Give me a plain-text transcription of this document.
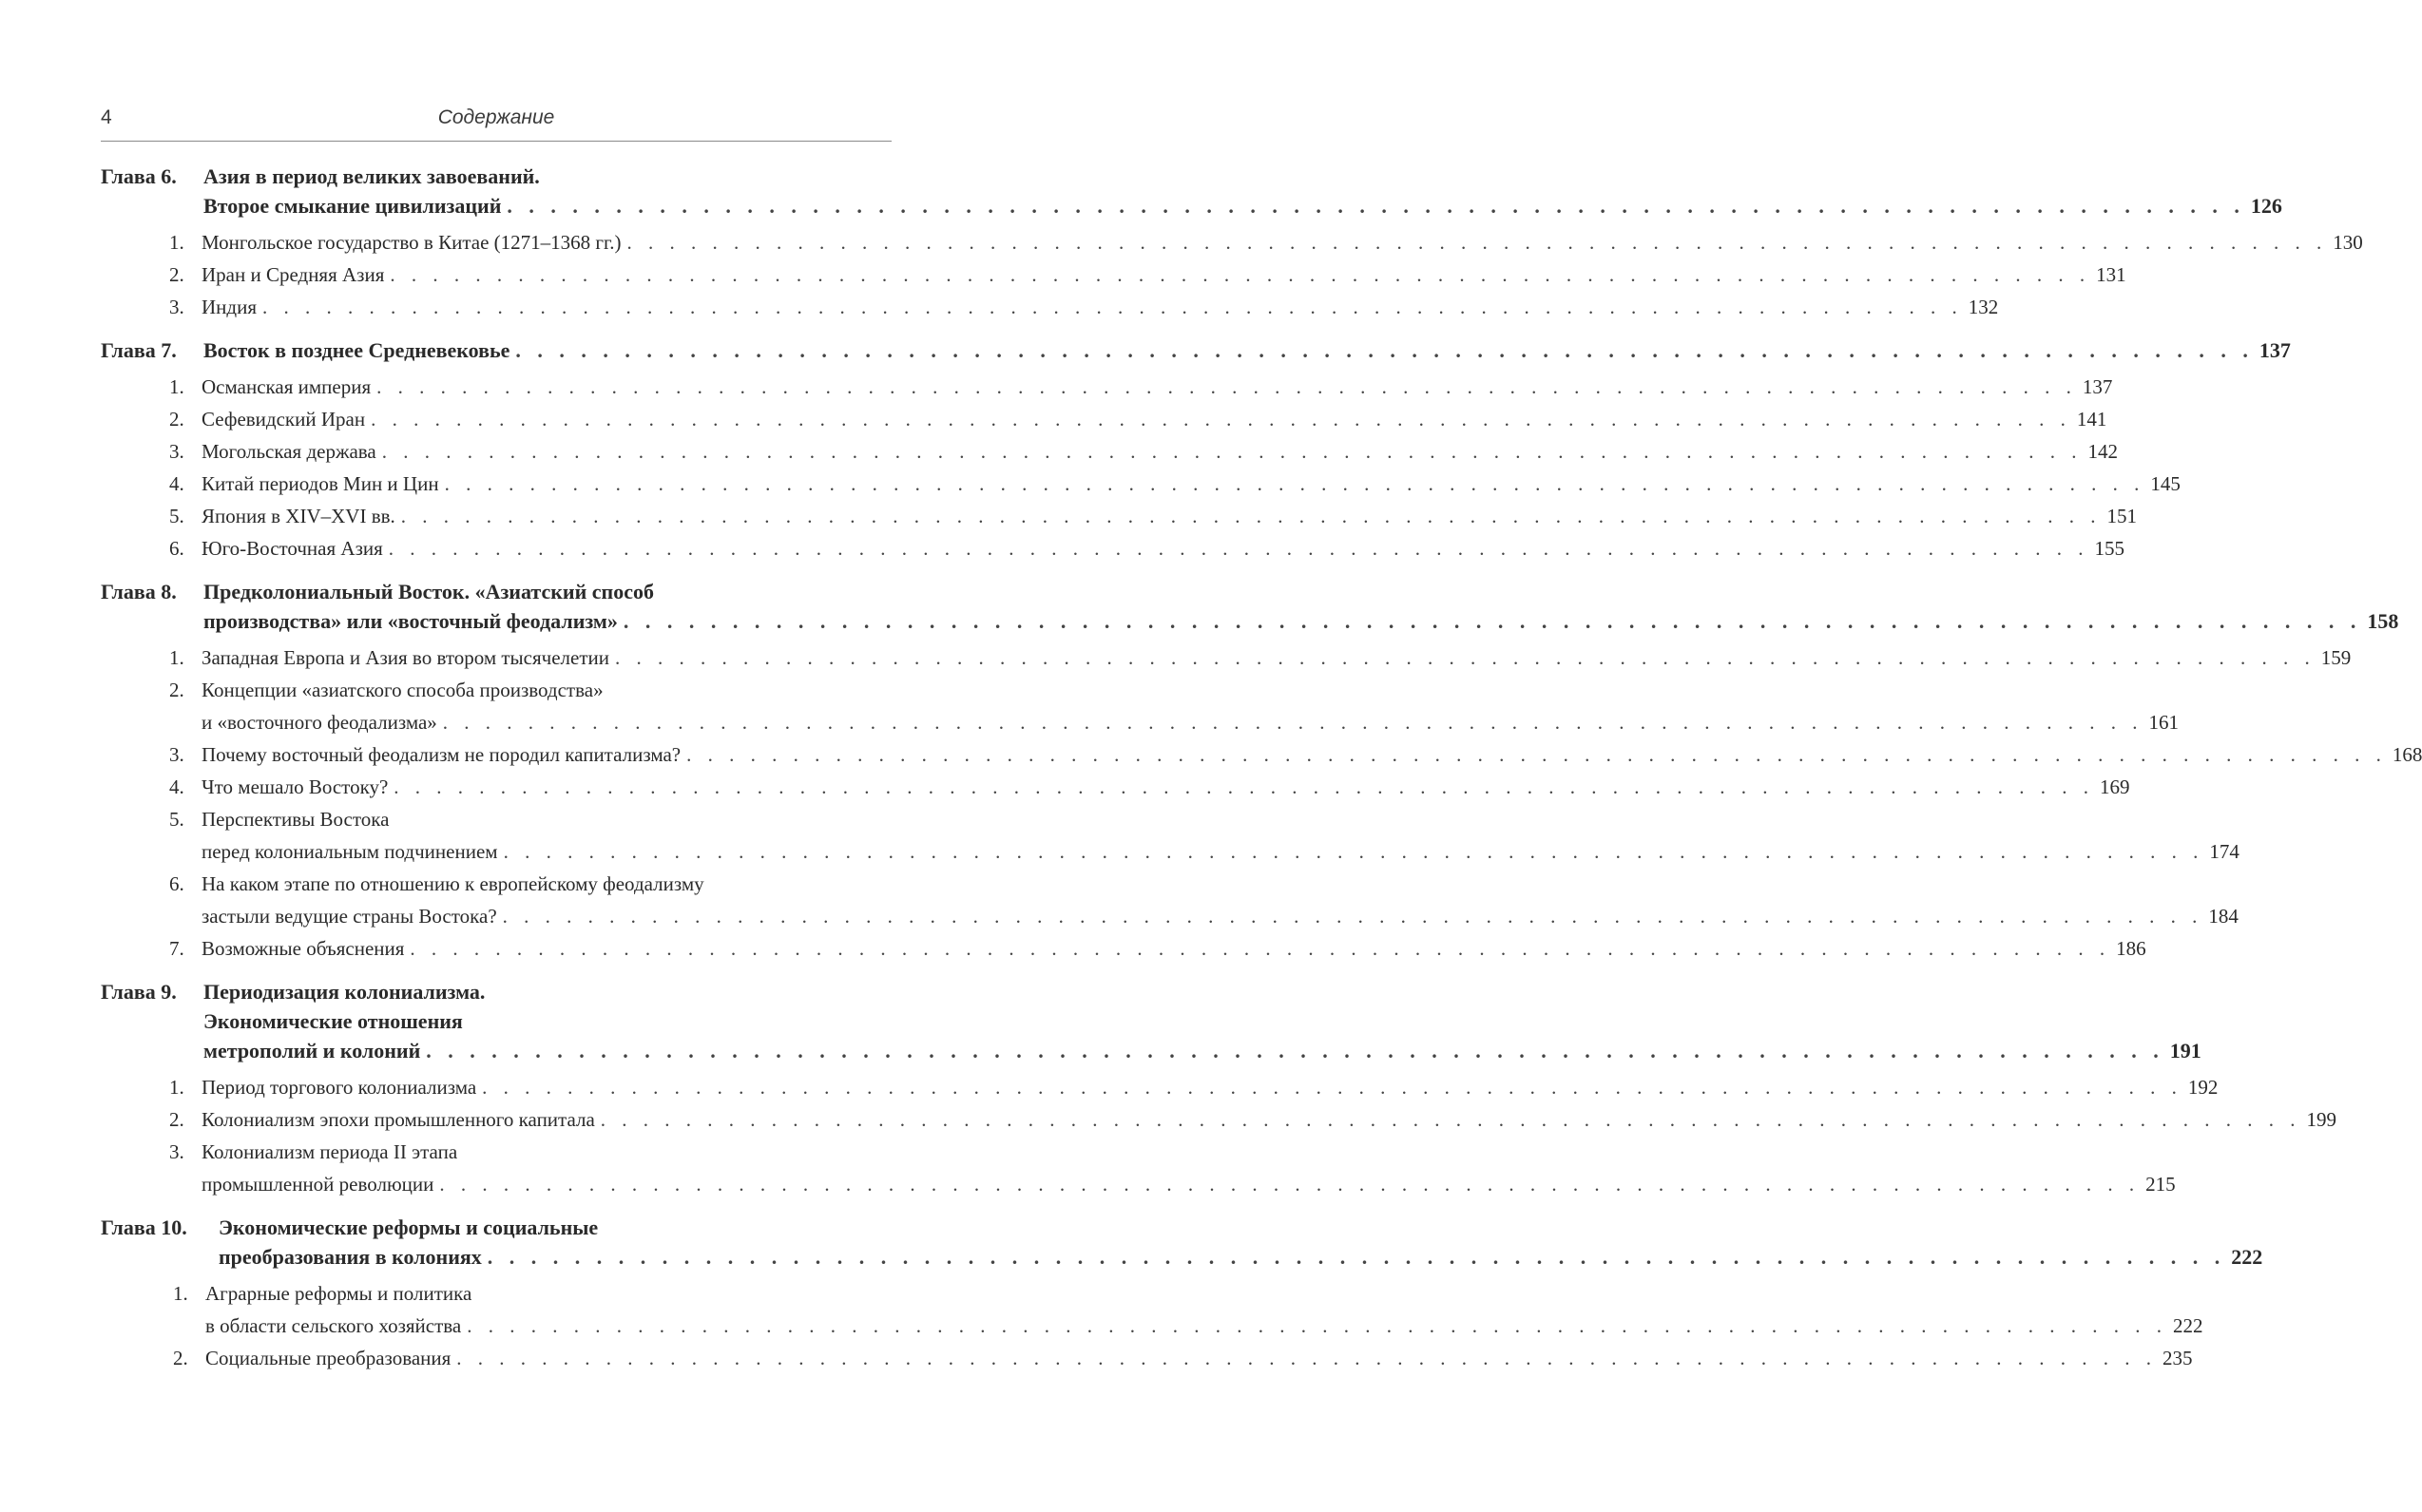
4	Содержание
Глава 6.	Азия в период великих завоеваний.
Второе смыкание цивилизаций . . . . . . . . . . . . . . . . . . . . . . . . . . . . . . . . . . . . . . . . . . . . . . . . . . . . . . . . . . . . . . . . . . . . . . . . . . . . . . . . 126
1. Монгольское государство в Китае (1271–1368 гг.) . . . . . . . . . . . . . . . . . . . . . . . . . . . . . . . . . . . . . . . . . . . . . . . . . . . . . . . . . . . . . . . . . . . . . . . . . . . . . . . . 130
2. Иран и Средняя Азия . . . . . . . . . . . . . . . . . . . . . . . . . . . . . . . . . . . . . . . . . . . . . . . . . . . . . . . . . . . . . . . . . . . . . . . . . . . . . . . . 131
3. Индия . . . . . . . . . . . . . . . . . . . . . . . . . . . . . . . . . . . . . . . . . . . . . . . . . . . . . . . . . . . . . . . . . . . . . . . . . . . . . . . . 132
Глава 7.	Восток в позднее Средневековье . . . . . . . . . . . . . . . . . . . . . . . . . . . . . . . . . . . . . . . . . . . . . . . . . . . . . . . . . . . . . . . . . . . . . . . . . . . . . . . . 137
1. Османская империя . . . . . . . . . . . . . . . . . . . . . . . . . . . . . . . . . . . . . . . . . . . . . . . . . . . . . . . . . . . . . . . . . . . . . . . . . . . . . . . . 137
2. Сефевидский Иран . . . . . . . . . . . . . . . . . . . . . . . . . . . . . . . . . . . . . . . . . . . . . . . . . . . . . . . . . . . . . . . . . . . . . . . . . . . . . . . . 141
3. Могольская держава . . . . . . . . . . . . . . . . . . . . . . . . . . . . . . . . . . . . . . . . . . . . . . . . . . . . . . . . . . . . . . . . . . . . . . . . . . . . . . . . 142
4. Китай периодов Мин и Цин . . . . . . . . . . . . . . . . . . . . . . . . . . . . . . . . . . . . . . . . . . . . . . . . . . . . . . . . . . . . . . . . . . . . . . . . . . . . . . . . 145
5. Япония в XIV–XVI вв. . . . . . . . . . . . . . . . . . . . . . . . . . . . . . . . . . . . . . . . . . . . . . . . . . . . . . . . . . . . . . . . . . . . . . . . . . . . . . . . . 151
6. Юго-Восточная Азия . . . . . . . . . . . . . . . . . . . . . . . . . . . . . . . . . . . . . . . . . . . . . . . . . . . . . . . . . . . . . . . . . . . . . . . . . . . . . . . . 155
Глава 8.	Предколониальный Восток. «Азиатский способ
производства» или «восточный феодализм» . . . . . . . . . . . . . . . . . . . . . . . . . . . . . . . . . . . . . . . . . . . . . . . . . . . . . . . . . . . . . . . . . . . . . . . . . . . . . . . . 158
1. Западная Европа и Азия во втором тысячелетии . . . . . . . . . . . . . . . . . . . . . . . . . . . . . . . . . . . . . . . . . . . . . . . . . . . . . . . . . . . . . . . . . . . . . . . . . . . . . . . . 159
2. Концепции «азиатского способа производства»
и «восточного феодализма» . . . . . . . . . . . . . . . . . . . . . . . . . . . . . . . . . . . . . . . . . . . . . . . . . . . . . . . . . . . . . . . . . . . . . . . . . . . . . . . . 161
3. Почему восточный феодализм не породил капитализма? . . . . . . . . . . . . . . . . . . . . . . . . . . . . . . . . . . . . . . . . . . . . . . . . . . . . . . . . . . . . . . . . . . . . . . . . . . . . . . . . 168
4. Что мешало Востоку? . . . . . . . . . . . . . . . . . . . . . . . . . . . . . . . . . . . . . . . . . . . . . . . . . . . . . . . . . . . . . . . . . . . . . . . . . . . . . . . . 169
5. Перспективы Востока
перед колониальным подчинением . . . . . . . . . . . . . . . . . . . . . . . . . . . . . . . . . . . . . . . . . . . . . . . . . . . . . . . . . . . . . . . . . . . . . . . . . . . . . . . . 174
6. На каком этапе по отношению к европейскому феодализму
застыли ведущие страны Востока? . . . . . . . . . . . . . . . . . . . . . . . . . . . . . . . . . . . . . . . . . . . . . . . . . . . . . . . . . . . . . . . . . . . . . . . . . . . . . . . . 184
7. Возможные объяснения . . . . . . . . . . . . . . . . . . . . . . . . . . . . . . . . . . . . . . . . . . . . . . . . . . . . . . . . . . . . . . . . . . . . . . . . . . . . . . . . 186
Глава 9.	Периодизация колониализма.
Экономические отношения
метрополий и колоний . . . . . . . . . . . . . . . . . . . . . . . . . . . . . . . . . . . . . . . . . . . . . . . . . . . . . . . . . . . . . . . . . . . . . . . . . . . . . . . . 191
1. Период торгового колониализма . . . . . . . . . . . . . . . . . . . . . . . . . . . . . . . . . . . . . . . . . . . . . . . . . . . . . . . . . . . . . . . . . . . . . . . . . . . . . . . . 192
2. Колониализм эпохи промышленного капитала . . . . . . . . . . . . . . . . . . . . . . . . . . . . . . . . . . . . . . . . . . . . . . . . . . . . . . . . . . . . . . . . . . . . . . . . . . . . . . . . 199
3. Колониализм периода II этапа
промышленной революции . . . . . . . . . . . . . . . . . . . . . . . . . . . . . . . . . . . . . . . . . . . . . . . . . . . . . . . . . . . . . . . . . . . . . . . . . . . . . . . . 215
Глава 10.	Экономические реформы и социальные
преобразования в колониях . . . . . . . . . . . . . . . . . . . . . . . . . . . . . . . . . . . . . . . . . . . . . . . . . . . . . . . . . . . . . . . . . . . . . . . . . . . . . . . . 222
1. Аграрные реформы и политика
в области сельского хозяйства . . . . . . . . . . . . . . . . . . . . . . . . . . . . . . . . . . . . . . . . . . . . . . . . . . . . . . . . . . . . . . . . . . . . . . . . . . . . . . . . 222
2. Социальные преобразования . . . . . . . . . . . . . . . . . . . . . . . . . . . . . . . . . . . . . . . . . . . . . . . . . . . . . . . . . . . . . . . . . . . . . . . . . . . . . . . . 235
